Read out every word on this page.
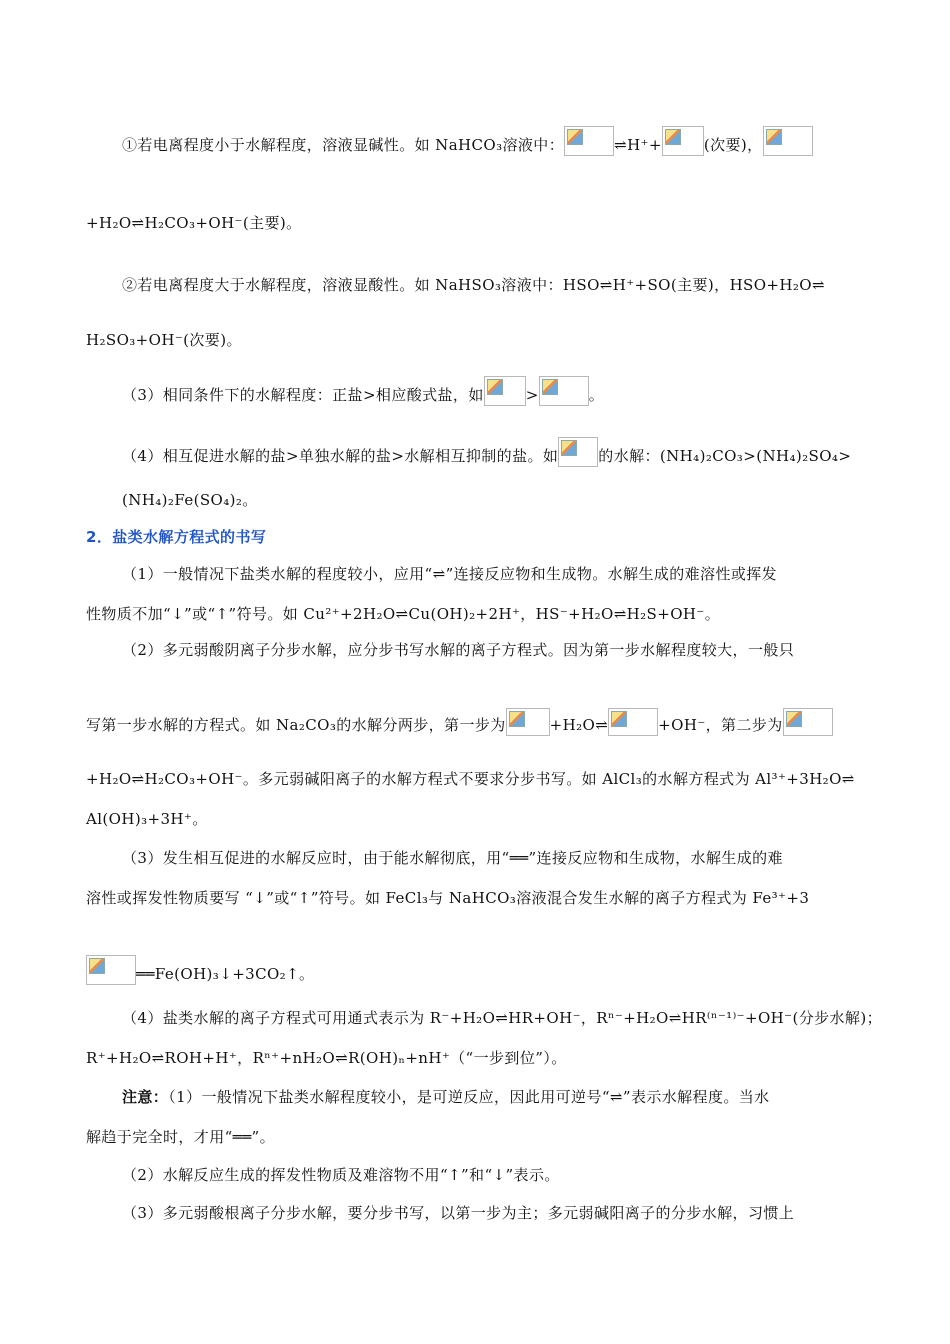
①若电离程度小于水解程度，溶液显碱性。如 NaHCO₃溶液中：	⇌H⁺+	(次要)，
+H₂O⇌H₂CO₃+OH⁻(主要)。
②若电离程度大于水解程度，溶液显酸性。如 NaHSO₃溶液中：HSO⇌H⁺+SO(主要)，HSO+H₂O⇌
H₂SO₃+OH⁻(次要)。
（3）相同条件下的水解程度：正盐>相应酸式盐，如	>	。
（4）相互促进水解的盐>单独水解的盐>水解相互抑制的盐。如	的水解：(NH₄)₂CO₃>(NH₄)₂SO₄>
(NH₄)₂Fe(SO₄)₂。
2．盐类水解方程式的书写
（1）一般情况下盐类水解的程度较小，应用“⇌”连接反应物和生成物。水解生成的难溶性或挥发
性物质不加“↓”或“↑”符号。如 Cu²⁺+2H₂O⇌Cu(OH)₂+2H⁺，HS⁻+H₂O⇌H₂S+OH⁻。
（2）多元弱酸阴离子分步水解，应分步书写水解的离子方程式。因为第一步水解程度较大，一般只
写第一步水解的方程式。如 Na₂CO₃的水解分两步，第一步为	+H₂O⇌	+OH⁻，第二步为
+H₂O⇌H₂CO₃+OH⁻。多元弱碱阳离子的水解方程式不要求分步书写。如 AlCl₃的水解方程式为 Al³⁺+3H₂O⇌
Al(OH)₃+3H⁺。
（3）发生相互促进的水解反应时，由于能水解彻底，用“══”连接反应物和生成物，水解生成的难
溶性或挥发性物质要写 “↓”或“↑”符号。如 FeCl₃与 NaHCO₃溶液混合发生水解的离子方程式为 Fe³⁺+3
══Fe(OH)₃↓+3CO₂↑。
（4）盐类水解的离子方程式可用通式表示为 R⁻+H₂O⇌HR+OH⁻，Rⁿ⁻+H₂O⇌HR⁽ⁿ⁻¹⁾⁻+OH⁻(分步水解)；
R⁺+H₂O⇌ROH+H⁺，Rⁿ⁺+nH₂O⇌R(OH)ₙ+nH⁺（“一步到位”）。
注意：（1）一般情况下盐类水解程度较小，是可逆反应，因此用可逆号“⇌”表示水解程度。当水
解趋于完全时，才用“══”。
（2）水解反应生成的挥发性物质及难溶物不用“↑”和“↓”表示。
（3）多元弱酸根离子分步水解，要分步书写，以第一步为主；多元弱碱阳离子的分步水解，习惯上
